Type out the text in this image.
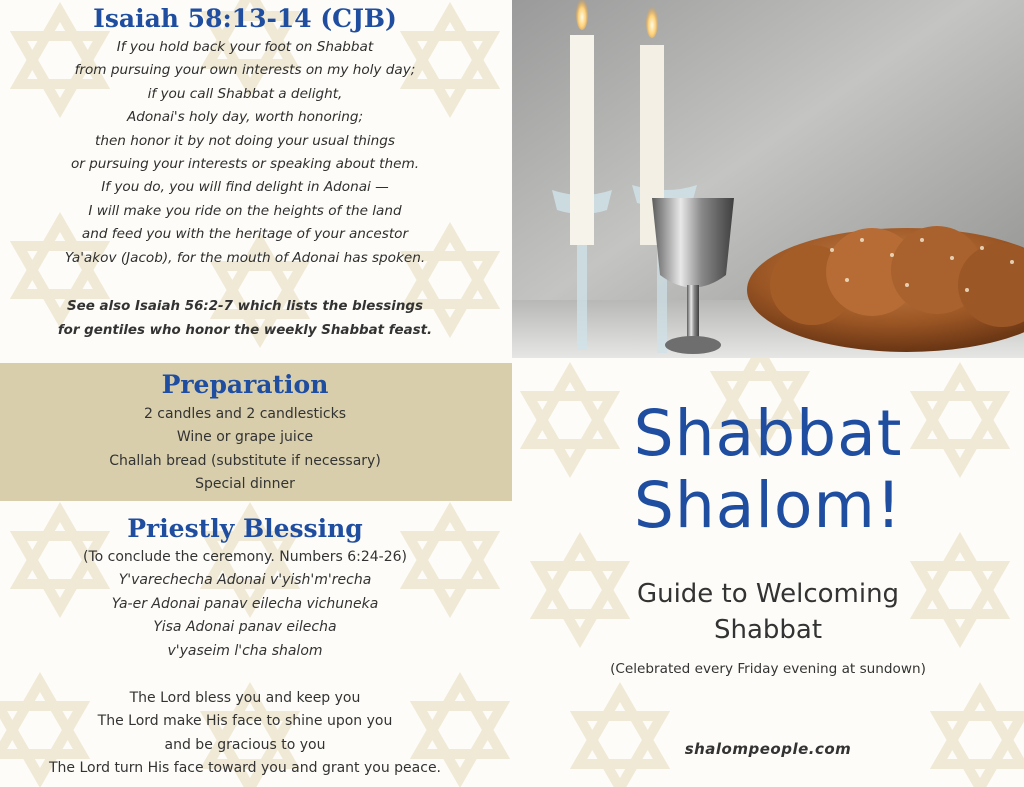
Isaiah 58:13-14 (CJB)
If you hold back your foot on Shabbat
from pursuing your own interests on my holy day;
if you call Shabbat a delight,
Adonai's holy day, worth honoring;
then honor it by not doing your usual things
or pursuing your interests or speaking about them.
If you do, you will find delight in Adonai —
I will make you ride on the heights of the land
and feed you with the heritage of your ancestor
Ya'akov (Jacob), for the mouth of Adonai has spoken.
See also Isaiah 56:2-7 which lists the blessings
for gentiles who honor the weekly Shabbat feast.
Preparation
2 candles and 2 candlesticks
Wine or grape juice
Challah bread (substitute if necessary)
Special dinner
Priestly Blessing
(To conclude the ceremony. Numbers 6:24-26)
Y'varechecha Adonai v'yish'm'recha
Ya-er Adonai panav eilecha vichuneka
Yisa Adonai panav eilecha
v'yaseim l'cha shalom
The Lord bless you and keep you
The Lord make His face to shine upon you
and be gracious to you
The Lord turn His face toward you and grant you peace.
Shabbat
Shalom!
Guide to Welcoming
Shabbat
(Celebrated every Friday evening at sundown)
shalompeople.com
